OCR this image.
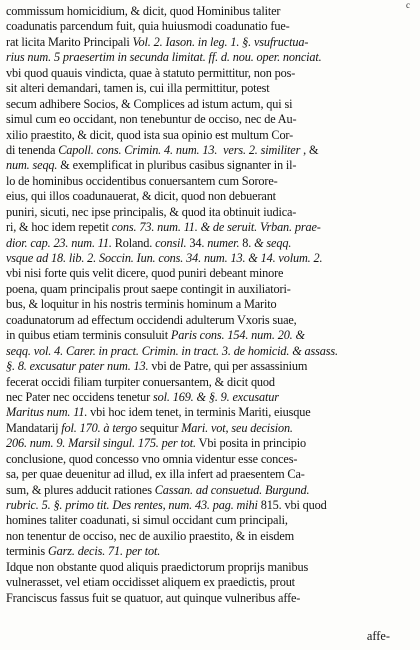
c
commissum homicidium, & dicit, quod Hominibus taliter
coadunatis parcendum fuit, quia huiusmodi coadunatio fue-
rat licita Marito Principali Vol. 2. Iason. in leg. 1. §. vsufructua-
rius num. 5 praesertim in secunda limitat. ff. d. nou. oper. nonciat.
vbi quod quauis vindicta, quae à statuto permittitur, non pos-
sit alteri demandari, tamen is, cui illa permittitur, potest
secum adhibere Socios, & Complices ad istum actum, qui si
simul cum eo occidant, non tenebuntur de occiso, nec de Au-
xilio praestito, & dicit, quod ista sua opinio est multum Cor-
di tenenda Capoll. cons. Crimin. 4. num. 13. vers. 2. similiter , &
num. seqq. & exemplificat in pluribus casibus signanter in il-
lo de hominibus occidentibus conuersantem cum Sorore-
eius, qui illos coadunauerat, & dicit, quod non debuerant
puniri, sicuti, nec ipse principalis, & quod ita obtinuit iudica-
ri, & hoc idem repetit cons. 73. num. 11. & de seruit. Vrban. prae-
dior. cap. 23. num. 11. Roland. consil. 34. numer. 8. & seqq.
vsque ad 18. lib. 2. Soccin. Iun. cons. 34. num. 13. & 14. volum. 2.
vbi nisi forte quis velit dicere, quod puniri debeant minore
poena, quam principalis prout saepe contingit in auxiliatori-
bus, & loquitur in his nostris terminis hominum a Marito
coadunatorum ad effectum occidendi adulterum Vxoris suae,
in quibus etiam terminis consuluit Paris cons. 154. num. 20. &
seqq. vol. 4. Carer. in pract. Crimin. in tract. 3. de homicid. & assass.
§. 8. excusatur pater num. 13. vbi de Patre, qui per assassinium
fecerat occidi filiam turpiter conuersantem, & dicit quod
nec Pater nec occidens tenetur sol. 169. & §. 9. excusatur
Maritus num. 11. vbi hoc idem tenet, in terminis Mariti, eiusque
Mandatarij fol. 170. à tergo sequitur Mari. vot, seu decision.
206. num. 9. Marsil singul. 175. per tot. Vbi posita in principio
conclusione, quod concesso vno omnia videntur esse conces-
sa, per quae deuenitur ad illud, ex illa infert ad praesentem Ca-
sum, & plures adducit rationes Cassan. ad consuetud. Burgund.
rubric. 5. §. primo tit. Des rentes, num. 43. pag. mihi 815. vbi quod
homines taliter coadunati, si simul occidant cum principali,
non tenentur de occiso, nec de auxilio praestito, & in eisdem
terminis Garz. decis. 71. per tot.
Idque non obstante quod aliquis praedictorum proprijs manibus
vulnerasset, vel etiam occidisset aliquem ex praedictis, prout
Franciscus fassus fuit se quatuor, aut quinque vulneribus affe-
affe-
